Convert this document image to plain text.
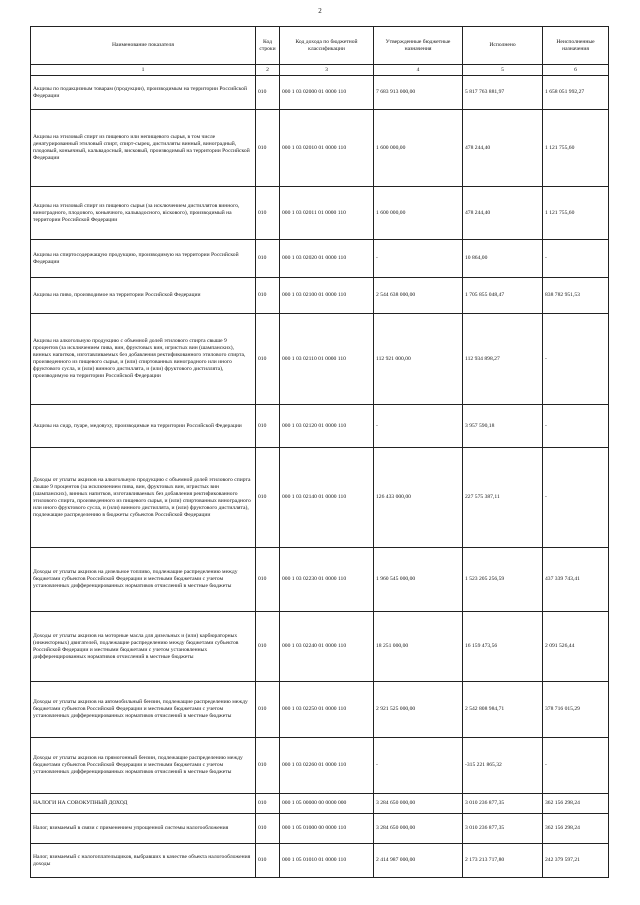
2
Наименование показателя	Код строки	Код дохода по бюджетной классификации	Утвержденные бюджетные назначения	Исполнено	Неисполненные назначения
1	2	3	4	5	6
Акцизы по подакцизным товарам (продукции), производимым на территории Российской Федерации	010	000 1 03 02000 01 0000 110	7 683 913 000,00	5 817 763 881,97	1 658 051 992,27
Акцизы на этиловый спирт из пищевого или непищевого сырья, в том числе денатурированный этиловый спирт, спирт-сырец, дистилляты винный, виноградный, плодовый, коньячный, кальвадосный, висковый, производимый на территории Российской Федерации	010	000 1 03 02010 01 0000 110	1 600 000,00	478 244,40	1 121 755,60
Акцизы на этиловый спирт из пищевого сырья (за исключением дистиллятов винного, виноградного, плодового, коньячного, кальвадосного, віскового), производимый на территории Российской Федерации	010	000 1 03 02011 01 0000 110	1 600 000,00	478 244,40	1 121 755,60
Акцизы на спиртосодержащую продукцию, производимую на территории Российской Федерации	010	000 1 03 02020 01 0000 110	-	10 864,00	-
Акцизы на пиво, производимое на территории Российской Федерации	010	000 1 03 02100 01 0000 110	2 544 638 000,00	1 705 855 048,47	838 782 951,53
Акцизы на алкогольную продукцию с объемной долей этилового спирта свыше 9 процентов (за исключением пива, вин, фруктовых вин, игристых вин (шампанских), винных напитков, изготавливаемых без добавления ректификованного этилового спирта, произведенного из пищевого сырья, и (или) спиртованных виноградного или иного фруктового сусла, и (или) винного дистиллята, и (или) фруктового дистиллята), производимую на территории Российской Федерации	010	000 1 03 02110 01 0000 110	112 921 000,00	112 934 898,27	-
Акцизы на сидр, пуаре, медовуху, производимые на территории Российской Федерации	010	000 1 03 02120 01 0000 110	-	3 957 590,18	-
Доходы от уплаты акцизов на алкогольную продукцию с объемной долей этилового спирта свыше 9 процентов (за исключением пива, вин, фруктовых вин, игристых вин (шампанских), винных напитков, изготавливаемых без добавления ректификованного этилового спирта, произведенного из пищевого сырья, и (или) спиртованных виноградного или иного фруктового сусла, и (или) винного дистиллята, и (или) фруктового дистиллята), подлежащие распределению в бюджеты субъектов Российской Федерации	010	000 1 03 02140 01 0000 110	126 433 000,00	227 575 387,11	-
Доходы от уплаты акцизов на дизельное топливо, подлежащие распределению между бюджетами субъектов Российской Федерации и местными бюджетами с учетом установленных дифференцированных нормативов отчислений в местные бюджеты	010	000 1 03 02230 01 0000 110	1 960 545 000,00	1 523 205 256,59	437 339 743,41
Доходы от уплаты акцизов на моторные масла для дизельных и (или) карбюраторных (инжекторных) двигателей, подлежащие распределению между бюджетами субъектов Российской Федерации и местными бюджетами с учетом установленных дифференцированных нормативов отчислений в местные бюджеты	010	000 1 03 02240 01 0000 110	18 251 000,00	16 159 473,56	2 091 526,44
Доходы от уплаты акцизов на автомобильный бензин, подлежащие распределению между бюджетами субъектов Российской Федерации и местными бюджетами с учетом установленных дифференцированных нормативов отчислений в местные бюджеты	010	000 1 03 02250 01 0000 110	2 921 525 000,00	2 542 808 984,71	378 716 015,29
Доходы от уплаты акцизов на прямогонный бензин, подлежащие распределению между бюджетами субъектов Российской Федерации и местными бюджетами с учетом установленных дифференцированных нормативов отчислений в местные бюджеты	010	000 1 03 02260 01 0000 110	-	-315 221 865,32	-
НАЛОГИ НА СОВОКУПНЫЙ ДОХОД	010	000 1 05 00000 00 0000 000	3 284 650 000,00	3 010 236 877,35	362 156 298,24
Налог, взимаемый в связи с применением упрощенной системы налогообложения	010	000 1 05 01000 00 0000 110	3 284 650 000,00	3 010 236 877,35	362 156 298,24
Налог, взимаемый с налогоплательщиков, выбравших в качестве объекта налогообложения доходы	010	000 1 05 01010 01 0000 110	2 414 987 000,00	2 173 213 717,80	242 379 597,21
